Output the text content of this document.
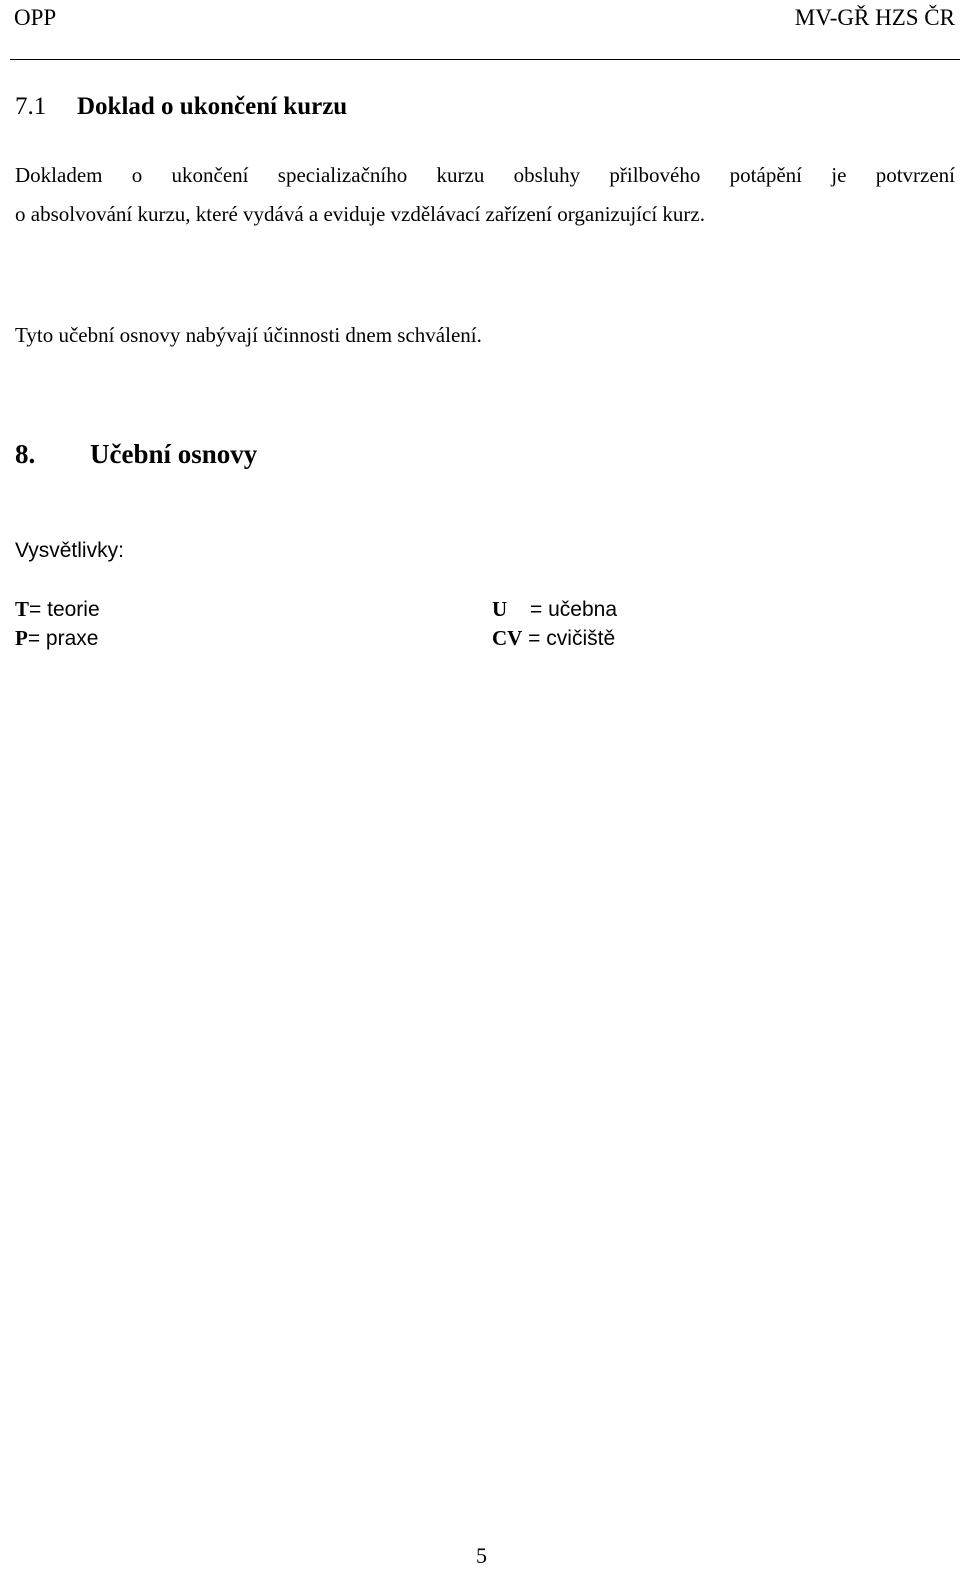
OPP	MV-GŘ HZS ČR
7.1 Doklad o ukončení kurzu

Dokladem o ukončení specializačního kurzu obsluhy přilbového potápění je potvrzení
o absolvování kurzu, které vydává a eviduje vzdělávací zařízení organizující kurz.

Tyto učební osnovy nabývají účinnosti dnem schválení.

8. Učební osnovy
Vysvětlivky:
T= teorie
P= praxe
U = učebna
CV = cvičiště
5
